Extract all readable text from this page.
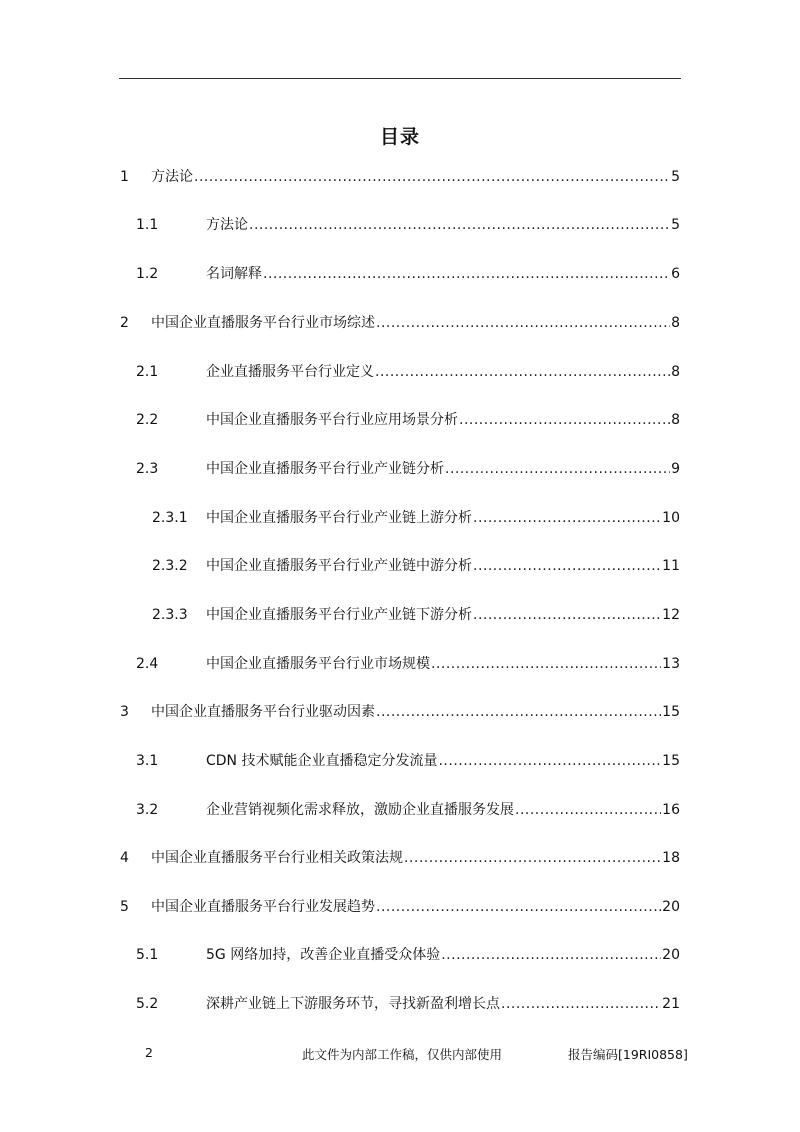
目录
1	方法论 .....	5
1.1	方法论 .....	5
1.2	名词解释 .....	6
2	中国企业直播服务平台行业市场综述 .....	8
2.1	企业直播服务平台行业定义 .....	8
2.2	中国企业直播服务平台行业应用场景分析 .....	8
2.3	中国企业直播服务平台行业产业链分析 .....	9
2.3.1	中国企业直播服务平台行业产业链上游分析 .....	10
2.3.2	中国企业直播服务平台行业产业链中游分析 .....	11
2.3.3	中国企业直播服务平台行业产业链下游分析 .....	12
2.4	中国企业直播服务平台行业市场规模 .....	13
3	中国企业直播服务平台行业驱动因素 .....	15
3.1	CDN 技术赋能企业直播稳定分发流量 .....	15
3.2	企业营销视频化需求释放，激励企业直播服务发展 .....	16
4	中国企业直播服务平台行业相关政策法规 .....	18
5	中国企业直播服务平台行业发展趋势 .....	20
5.1	5G 网络加持，改善企业直播受众体验 .....	20
5.2	深耕产业链上下游服务环节，寻找新盈利增长点 .....	21
2	此文件为内部工作稿，仅供内部使用	报告编码[19RI0858]
